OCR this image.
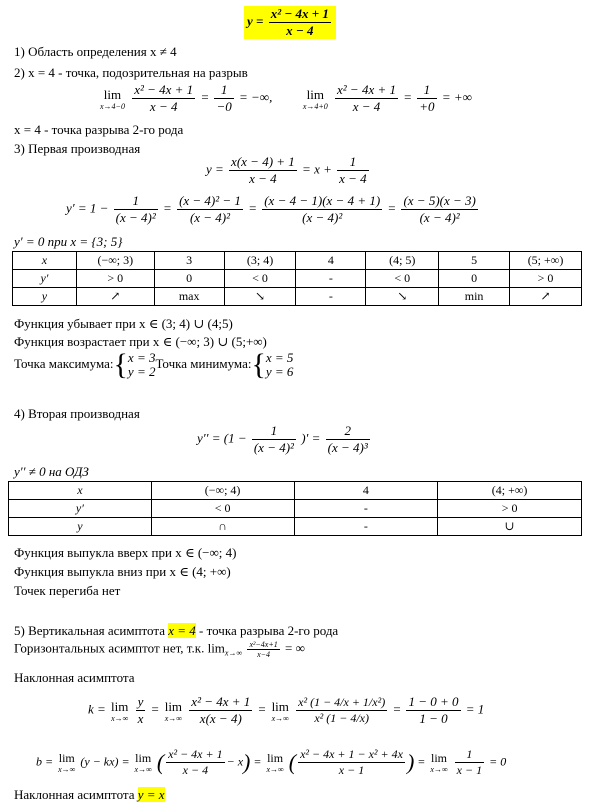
$y = \frac{\text{x² − 4x + 1}}{x - 4}$
1) Область определения x ≠ 4
2) x = 4 - точка, подозрительная на разрыв
lim
x→4−0
$\frac{\text{x² − 4x + 1}}{x - 4} = \frac{1}{-0}$ = −∞,	lim
x→4+0
$\frac{\text{x² − 4x + 1}}{x - 4} = \frac{1}{+0}$ = +∞
x = 4 - точка разрыва 2-го рода
3) Первая производная
$y = \frac{x(x - 4) + 1}{x - 4} = x + \frac{1}{x - 4}$
$y' = 1 - \frac{1}{\text{(x − 4)²}} = \frac{\text{(x − 4)² − 1}}{\text{(x − 4)²}} = \frac{(x - 4 - 1)(x - 4 + 1)}{\text{(x − 4)²}} = \frac{(x - 5)(x - 3)}{\text{(x − 4)²}}$
y′ = 0 при x = {3; 5}
x	(−∞; 3)	3	(3; 4)	4	(4; 5)	5	(5; +∞)
y′	> 0	0	< 0	-	< 0	0	> 0
y	↗	max	↘	-	↘	min	↗
Функция убывает при x ∈ (3; 4) ∪ (4;5)
Функция возрастает при x ∈ (−∞; 3) ∪ (5;+∞)
Точка максимума:{ x = 3
y = 2
Точка минимума:{ x = 5
y = 6
4) Вторая производная
$y'' = (1 - \frac{1}{\text{(x − 4)²}}$ )′ = $\frac{2}{\text{(x − 4)³}}$
y′′ ≠ 0 на ОДЗ
x	(−∞; 4)	4	(4; +∞)
y′	< 0	-	> 0
y	∩	-	∪
Функция выпукла вверх при x ∈ (−∞; 4)
Функция выпукла вниз при x ∈ (4; +∞)
Точек перегиба нет
5) Вертикальная асимптота x = 4 - точка разрыва 2-го рода
Горизонтальных асимптот нет, т.к. $\lim_{x\to\infty} \frac{\text{x²−4x+1}}{x-4}$ = ∞
Наклонная асимптота
k = lim
x→∞
$\frac{y}{x} = \lim$
x→∞
$\frac{\text{x² − 4x + 1}}{x(x - 4)} = \lim$
x→∞
$\frac{\text{x² (1 − 4/x + 1/x²)}}{\text{x² (1 − 4/x)}} = \frac{1 - 0 + 0}{1 - 0} = 1$
b = lim
x→∞
(y − kx) = lim
x→∞ ( $\frac{\text{x² − 4x + 1}}{x - 4} - x) = \lim$
x→∞ ( $\frac{\text{x² − 4x + 1 − x² + 4x}}{x - 1}$ ) = lim
x→∞
$\frac{1}{x - 1} = 0$
Наклонная асимптота y = x
